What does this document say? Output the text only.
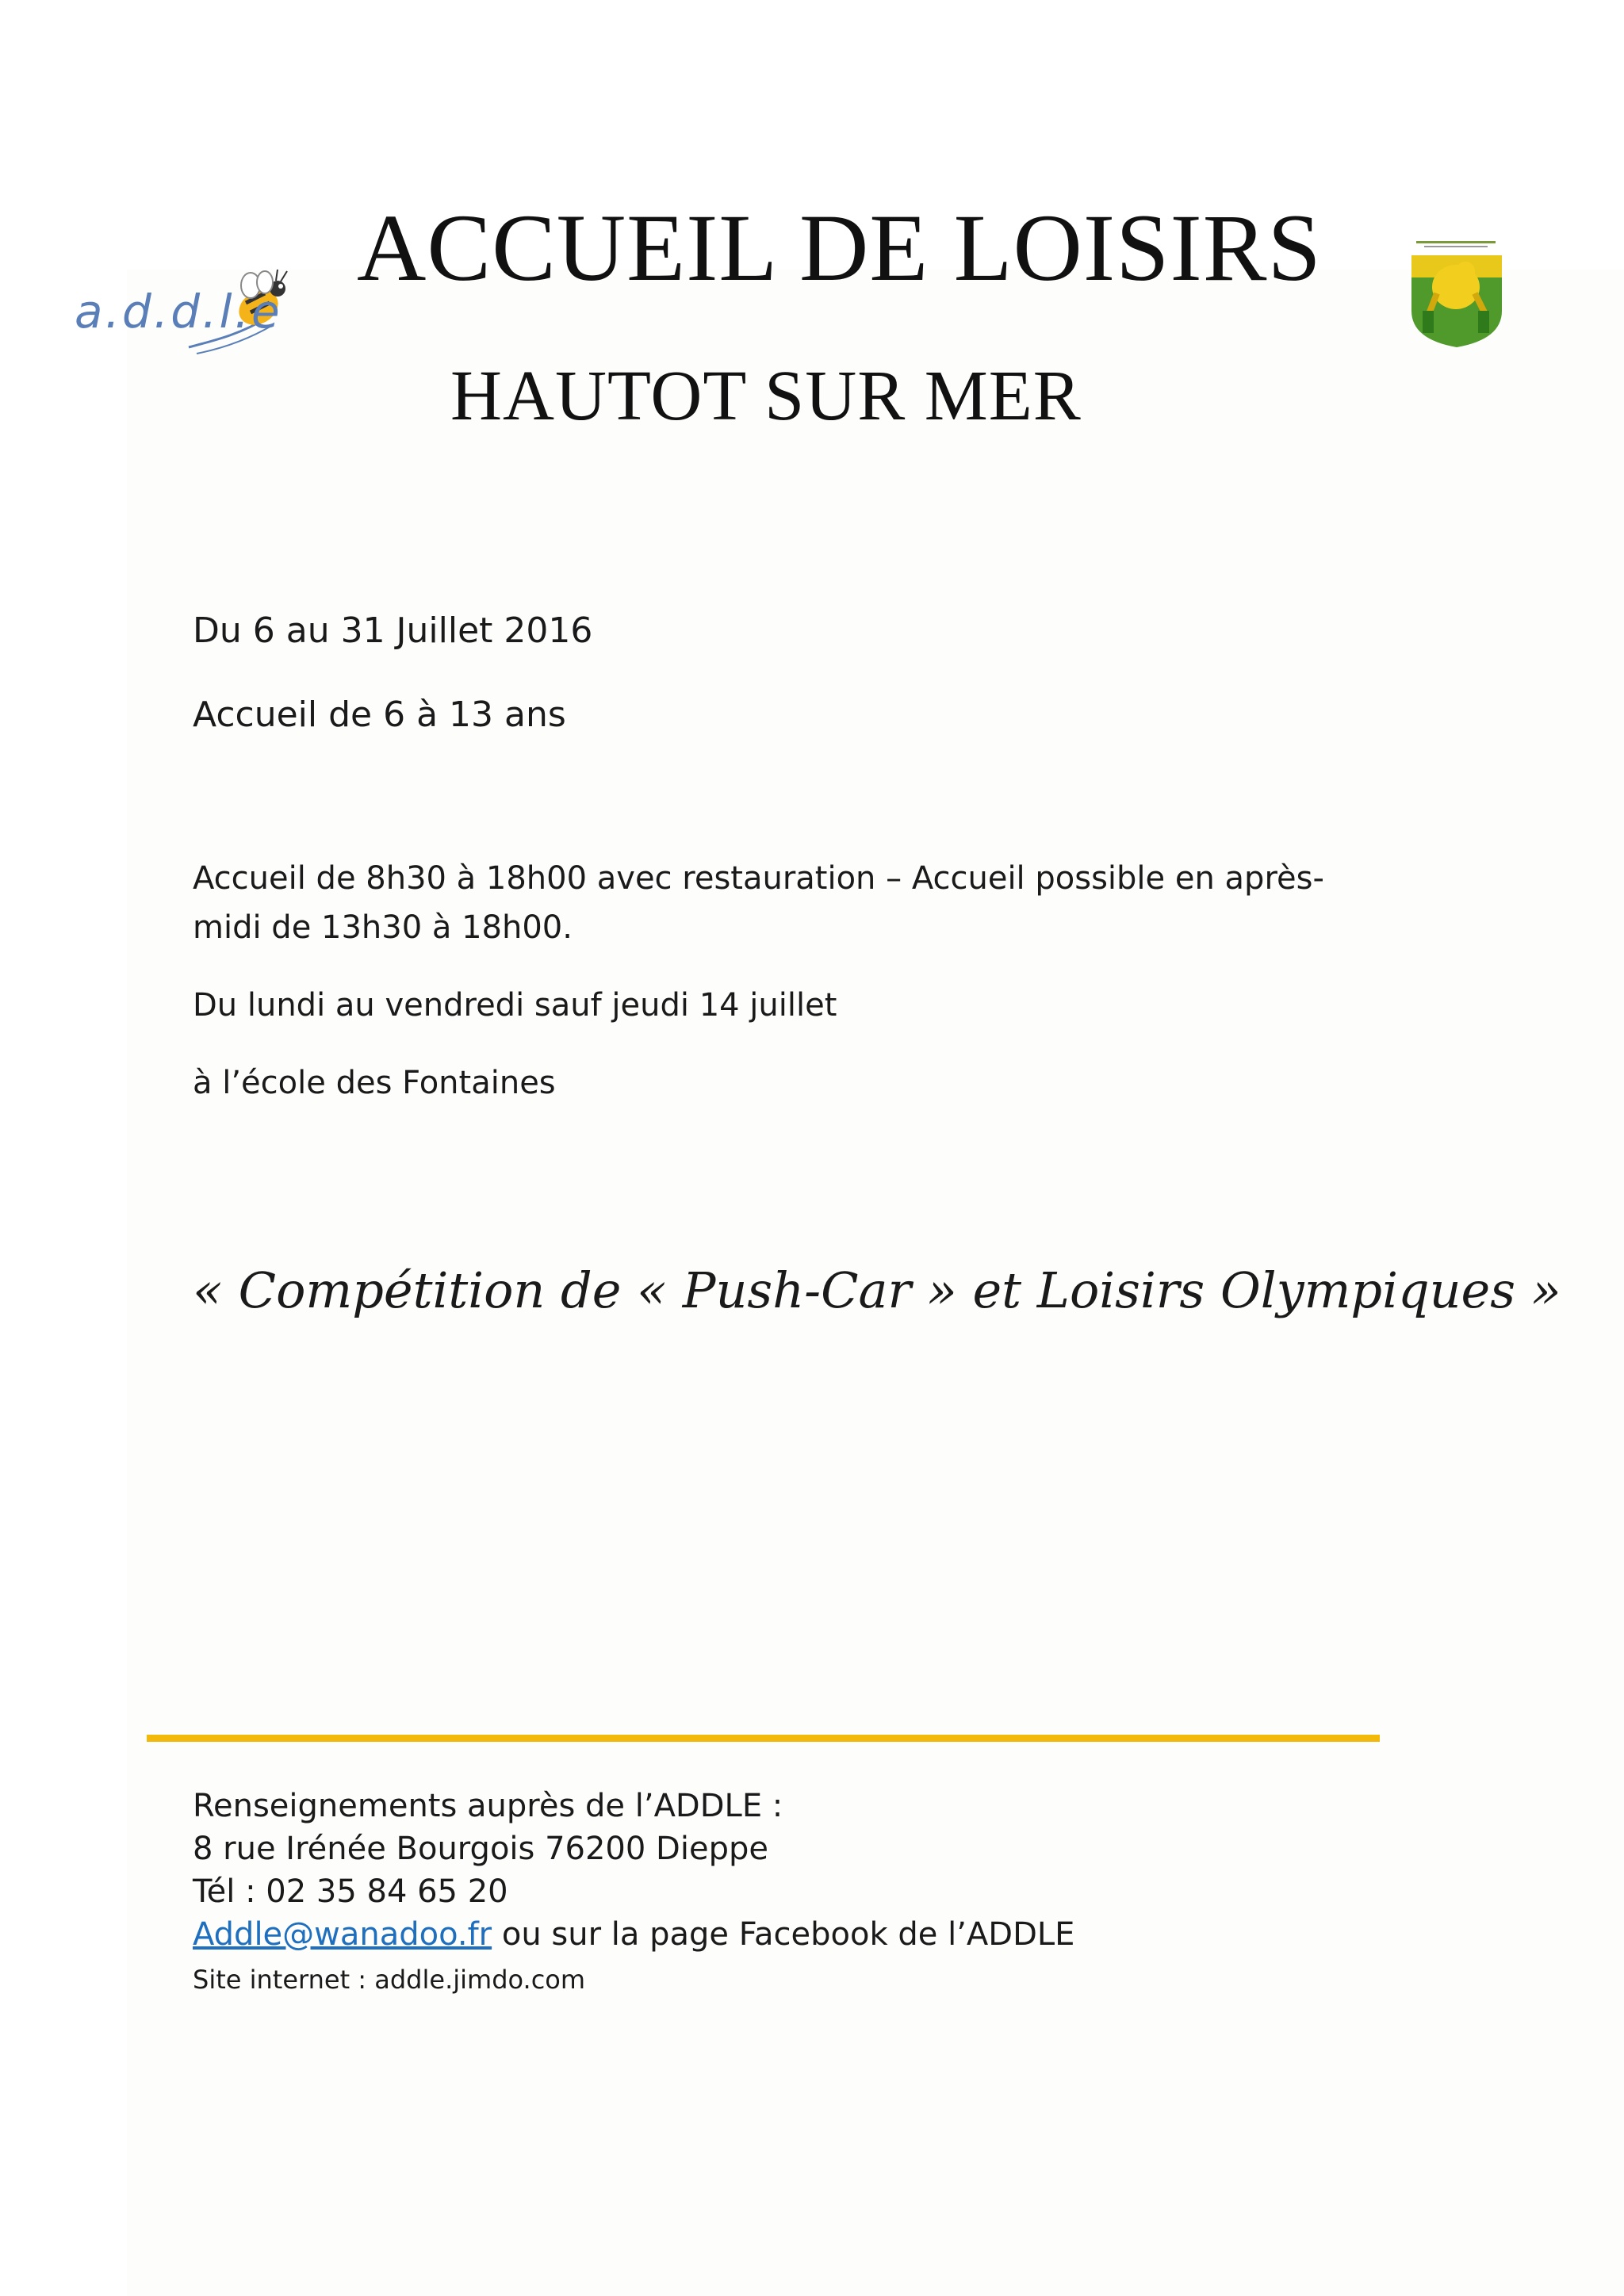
a.d.d.l.e
ACCUEIL DE LOISIRS
HAUTOT SUR MER
Du 6 au 31 Juillet 2016
Accueil de 6 à 13 ans
Accueil de 8h30 à 18h00 avec restauration – Accueil possible en après-
midi de 13h30 à 18h00.
Du lundi au vendredi sauf jeudi 14 juillet
à l’école des Fontaines
« Compétition de « Push-Car » et Loisirs Olympiques »
Renseignements auprès de l’ADDLE :
8 rue Irénée Bourgois 76200 Dieppe
Tél : 02 35 84 65 20
Addle@wanadoo.fr ou sur la page Facebook de l’ADDLE
Site internet : addle.jimdo.com
